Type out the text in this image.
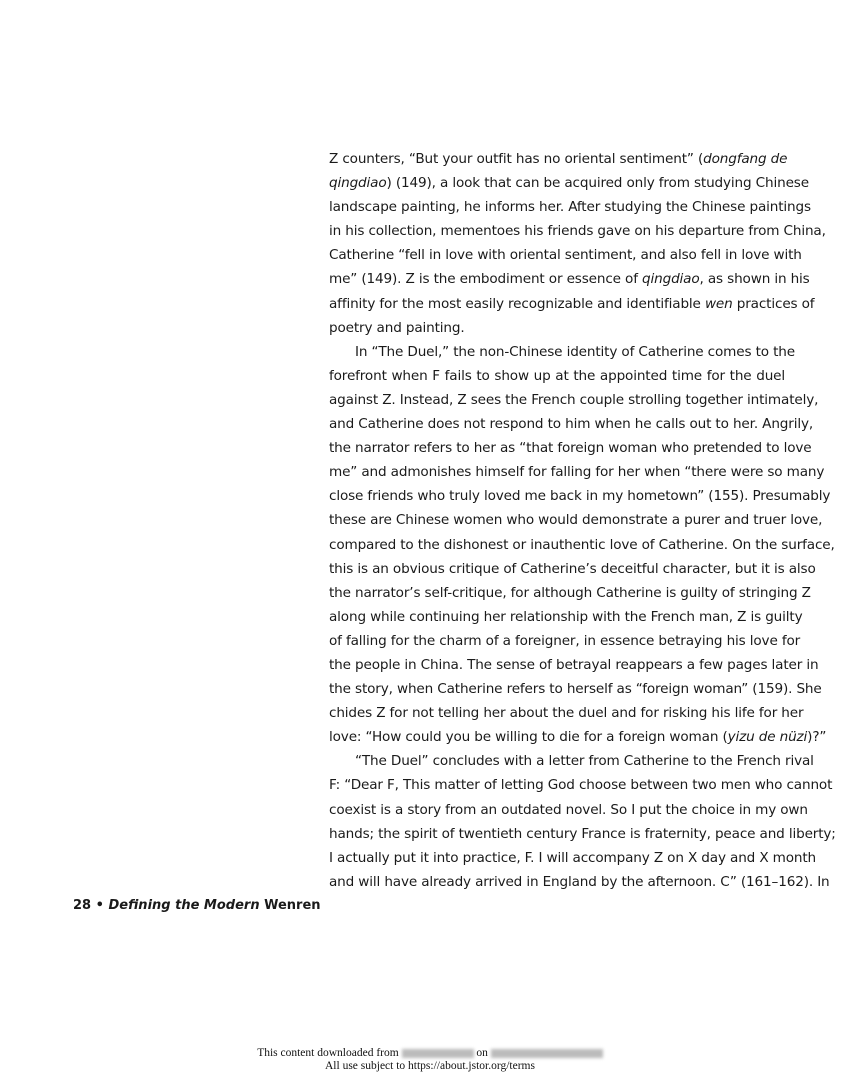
Z counters, “But your outfit has no oriental sentiment” (dongfang de
qingdiao) (149), a look that can be acquired only from studying Chinese
landscape painting, he informs her. After studying the Chinese paintings
in his collection, mementoes his friends gave on his departure from China,
Catherine “fell in love with oriental sentiment, and also fell in love with
me” (149). Z is the embodiment or essence of qingdiao, as shown in his
affinity for the most easily recognizable and identifiable wen practices of
poetry and painting.
In “The Duel,” the non-Chinese identity of Catherine comes to the
forefront when F fails to show up at the appointed time for the duel
against Z. Instead, Z sees the French couple strolling together intimately,
and Catherine does not respond to him when he calls out to her. Angrily,
the narrator refers to her as “that foreign woman who pretended to love
me” and admonishes himself for falling for her when “there were so many
close friends who truly loved me back in my hometown” (155). Presumably
these are Chinese women who would demonstrate a purer and truer love,
compared to the dishonest or inauthentic love of Catherine. On the surface,
this is an obvious critique of Catherine’s deceitful character, but it is also
the narrator’s self-critique, for although Catherine is guilty of stringing Z
along while continuing her relationship with the French man, Z is guilty
of falling for the charm of a foreigner, in essence betraying his love for
the people in China. The sense of betrayal reappears a few pages later in
the story, when Catherine refers to herself as “foreign woman” (159). She
chides Z for not telling her about the duel and for risking his life for her
love: “How could you be willing to die for a foreign woman (yizu de nüzi)?”
“The Duel” concludes with a letter from Catherine to the French rival
F: “Dear F, This matter of letting God choose between two men who cannot
coexist is a story from an outdated novel. So I put the choice in my own
hands; the spirit of twentieth century France is fraternity, peace and liberty;
I actually put it into practice, F. I will accompany Z on X day and X month
and will have already arrived in England by the afternoon. C” (161–162). In
28 • Defining the Modern Wenren
This content downloaded from	on
All use subject to https://about.jstor.org/terms
